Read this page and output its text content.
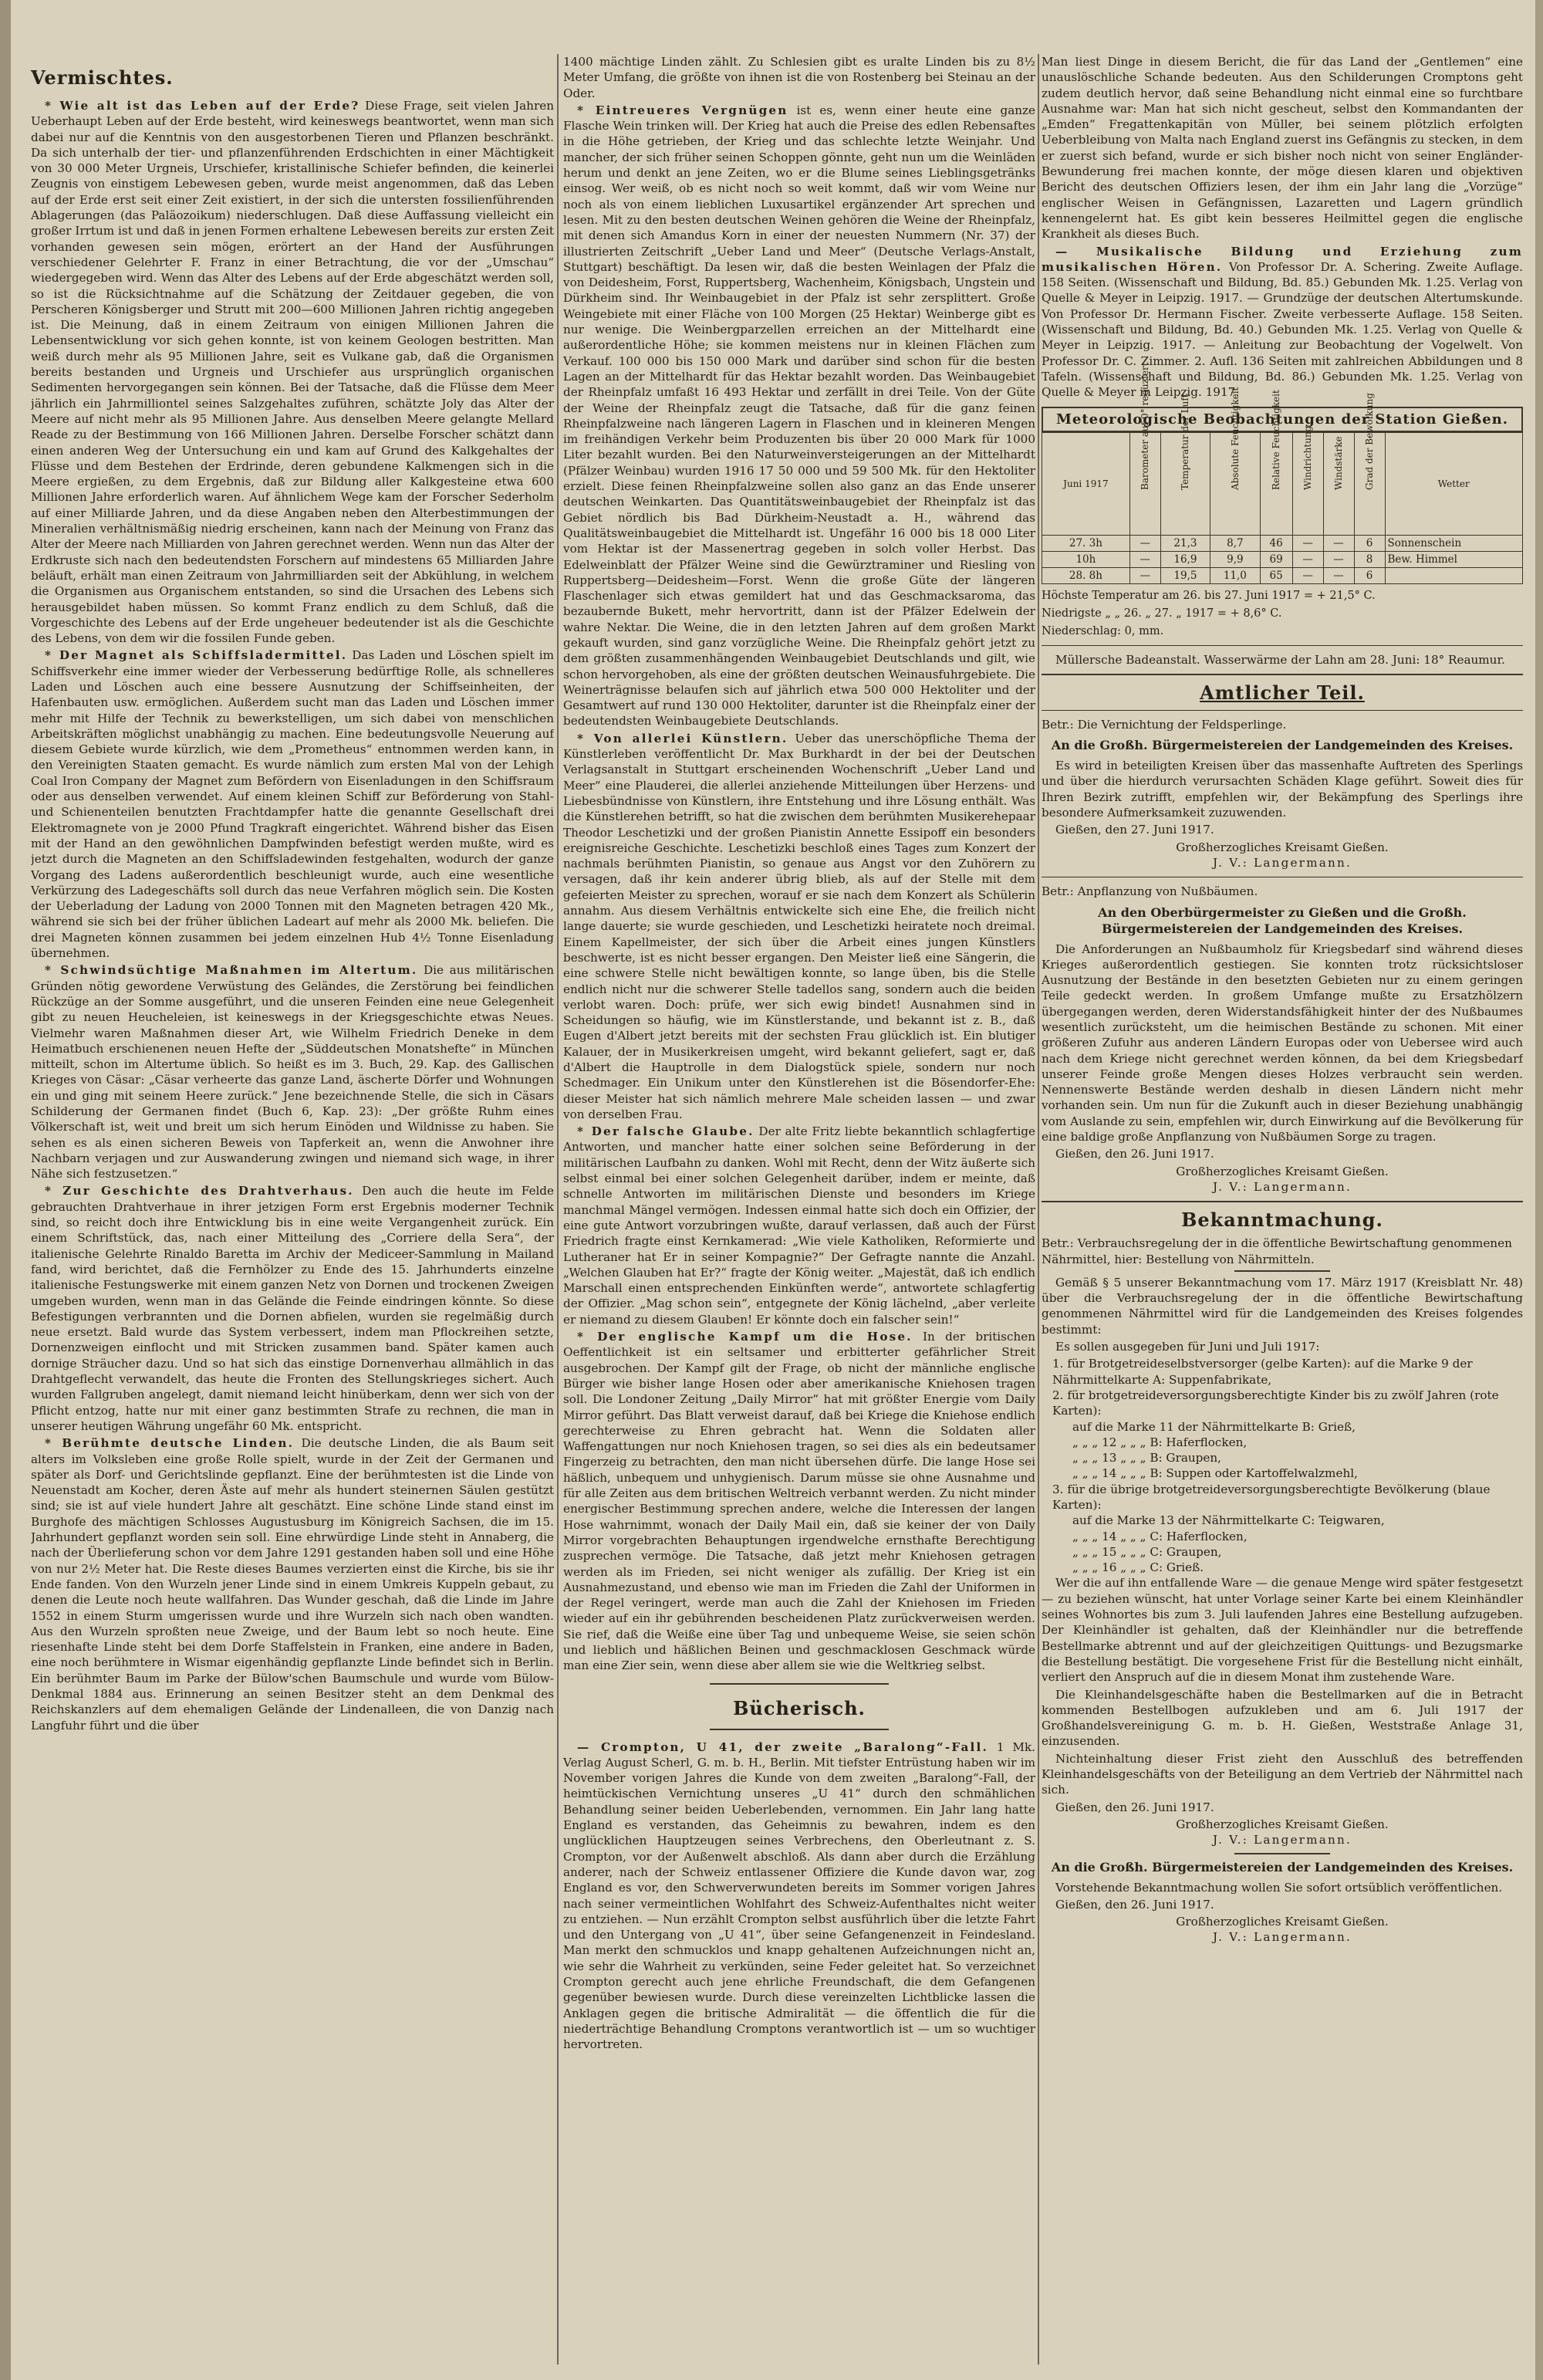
Vermischtes.

* Wie alt ist das Leben auf der Erde? Diese Frage, seit vielen Jahren Ueberhaupt Leben auf der Erde besteht, wird keineswegs beantwortet, wenn man sich dabei nur auf die Kenntnis von den ausgestorbenen Tieren und Pflanzen beschränkt. Da sich unterhalb der tier- und pflanzenführenden Erdschichten in einer Mächtigkeit von 30 000 Meter Urgneis, Urschiefer, kristallinische Schiefer befinden, die keinerlei Zeugnis von einstigem Lebewesen geben, wurde meist angenommen, daß das Leben auf der Erde erst seit einer Zeit existiert, in der sich die untersten fossilienführenden Ablagerungen (das Paläozoikum) niederschlugen. Daß diese Auffassung vielleicht ein großer Irrtum ist und daß in jenen Formen erhaltene Lebewesen bereits zur ersten Zeit vorhanden gewesen sein mögen, erörtert an der Hand der Ausführungen verschiedener Gelehrter F. Franz in einer Betrachtung, die vor der „Umschau“ wiedergegeben wird. Wenn das Alter des Lebens auf der Erde abgeschätzt werden soll, so ist die Rücksichtnahme auf die Schätzung der Zeitdauer gegeben, die von Perscheren Königsberger und Strutt mit 200—600 Millionen Jahren richtig angegeben ist. Die Meinung, daß in einem Zeitraum von einigen Millionen Jahren die Lebensentwicklung vor sich gehen konnte, ist von keinem Geologen bestritten. Man weiß durch mehr als 95 Millionen Jahre, seit es Vulkane gab, daß die Organismen bereits bestanden und Urgneis und Urschiefer aus ursprünglich organischen Sedimenten hervorgegangen sein können. Bei der Tatsache, daß die Flüsse dem Meer jährlich ein Jahrmilliontel seines Salzgehaltes zuführen, schätzte Joly das Alter der Meere auf nicht mehr als 95 Millionen Jahre. Aus denselben Meere gelangte Mellard Reade zu der Bestimmung von 166 Millionen Jahren. Derselbe Forscher schätzt dann einen anderen Weg der Untersuchung ein und kam auf Grund des Kalkgehaltes der Flüsse und dem Bestehen der Erdrinde, deren gebundene Kalkmengen sich in die Meere ergießen, zu dem Ergebnis, daß zur Bildung aller Kalkgesteine etwa 600 Millionen Jahre erforderlich waren. Auf ähnlichem Wege kam der Forscher Sederholm auf einer Milliarde Jahren, und da diese Angaben neben den Alterbestimmungen der Mineralien verhältnismäßig niedrig erscheinen, kann nach der Meinung von Franz das Alter der Meere nach Milliarden von Jahren gerechnet werden. Wenn nun das Alter der Erdkruste sich nach den bedeutendsten Forschern auf mindestens 65 Milliarden Jahre beläuft, erhält man einen Zeitraum von Jahrmilliarden seit der Abkühlung, in welchem die Organismen aus Organischem entstanden, so sind die Ursachen des Lebens sich herausgebildet haben müssen. So kommt Franz endlich zu dem Schluß, daß die Vorgeschichte des Lebens auf der Erde ungeheuer bedeutender ist als die Geschichte des Lebens, von dem wir die fossilen Funde geben.

* Der Magnet als Schiffsladermittel. Das Laden und Löschen spielt im Schiffsverkehr eine immer wieder der Verbesserung bedürftige Rolle, als schnelleres Laden und Löschen auch eine bessere Ausnutzung der Schiffseinheiten, der Hafenbauten usw. ermöglichen. Außerdem sucht man das Laden und Löschen immer mehr mit Hilfe der Technik zu bewerkstelligen, um sich dabei von menschlichen Arbeitskräften möglichst unabhängig zu machen. Eine bedeutungsvolle Neuerung auf diesem Gebiete wurde kürzlich, wie dem „Prometheus“ entnommen werden kann, in den Vereinigten Staaten gemacht. Es wurde nämlich zum ersten Mal von der Lehigh Coal Iron Company der Magnet zum Befördern von Eisenladungen in den Schiffsraum oder aus denselben verwendet. Auf einem kleinen Schiff zur Beförderung von Stahl- und Schienenteilen benutzten Frachtdampfer hatte die genannte Gesellschaft drei Elektromagnete von je 2000 Pfund Tragkraft eingerichtet. Während bisher das Eisen mit der Hand an den gewöhnlichen Dampfwinden befestigt werden mußte, wird es jetzt durch die Magneten an den Schiffsladewinden festgehalten, wodurch der ganze Vorgang des Ladens außerordentlich beschleunigt wurde, auch eine wesentliche Verkürzung des Ladegeschäfts soll durch das neue Verfahren möglich sein. Die Kosten der Ueberladung der Ladung von 2000 Tonnen mit den Magneten betragen 420 Mk., während sie sich bei der früher üblichen Ladeart auf mehr als 2000 Mk. beliefen. Die drei Magneten können zusammen bei jedem einzelnen Hub 4½ Tonne Eisenladung übernehmen.

* Schwindsüchtige Maßnahmen im Altertum. Die aus militärischen Gründen nötig gewordene Verwüstung des Geländes, die Zerstörung bei feindlichen Rückzüge an der Somme ausgeführt, und die unseren Feinden eine neue Gelegenheit gibt zu neuen Heucheleien, ist keineswegs in der Kriegsgeschichte etwas Neues. Vielmehr waren Maßnahmen dieser Art, wie Wilhelm Friedrich Deneke in dem Heimatbuch erschienenen neuen Hefte der „Süddeutschen Monatshefte“ in München mitteilt, schon im Altertume üblich. So heißt es im 3. Buch, 29. Kap. des Gallischen Krieges von Cäsar: „Cäsar verheerte das ganze Land, äscherte Dörfer und Wohnungen ein und ging mit seinem Heere zurück.“ Jene bezeichnende Stelle, die sich in Cäsars Schilderung der Germanen findet (Buch 6, Kap. 23): „Der größte Ruhm eines Völkerschaft ist, weit und breit um sich herum Einöden und Wildnisse zu haben. Sie sehen es als einen sicheren Beweis von Tapferkeit an, wenn die Anwohner ihre Nachbarn verjagen und zur Auswanderung zwingen und niemand sich wage, in ihrer Nähe sich festzusetzen.“

* Zur Geschichte des Drahtverhaus. Den auch die heute im Felde gebrauchten Drahtverhaue in ihrer jetzigen Form erst Ergebnis moderner Technik sind, so reicht doch ihre Entwicklung bis in eine weite Vergangenheit zurück. Ein einem Schriftstück, das, nach einer Mitteilung des „Corriere della Sera“, der italienische Gelehrte Rinaldo Baretta im Archiv der Mediceer-Sammlung in Mailand fand, wird berichtet, daß die Fernhölzer zu Ende des 15. Jahrhunderts einzelne italienische Festungswerke mit einem ganzen Netz von Dornen und trockenen Zweigen umgeben wurden, wenn man in das Gelände die Feinde eindringen könnte. So diese Befestigungen verbrannten und die Dornen abfielen, wurden sie regelmäßig durch neue ersetzt. Bald wurde das System verbessert, indem man Pflockreihen setzte, Dornenzweigen einflocht und mit Stricken zusammen band. Später kamen auch dornige Sträucher dazu. Und so hat sich das einstige Dornenverhau allmählich in das Drahtgeflecht verwandelt, das heute die Fronten des Stellungskrieges sichert. Auch wurden Fallgruben angelegt, damit niemand leicht hinüberkam, denn wer sich von der Pflicht entzog, hatte nur mit einer ganz bestimmten Strafe zu rechnen, die man in unserer heutigen Währung ungefähr 60 Mk. entspricht.

* Berühmte deutsche Linden. Die deutsche Linden, die als Baum seit alters im Volksleben eine große Rolle spielt, wurde in der Zeit der Germanen und später als Dorf- und Gerichtslinde gepflanzt. Eine der berühmtesten ist die Linde von Neuenstadt am Kocher, deren Äste auf mehr als hundert steinernen Säulen gestützt sind; sie ist auf viele hundert Jahre alt geschätzt. Eine schöne Linde stand einst im Burghofe des mächtigen Schlosses Augustusburg im Königreich Sachsen, die im 15. Jahrhundert gepflanzt worden sein soll. Eine ehrwürdige Linde steht in Annaberg, die nach der Überlieferung schon vor dem Jahre 1291 gestanden haben soll und eine Höhe von nur 2½ Meter hat. Die Reste dieses Baumes verzierten einst die Kirche, bis sie ihr Ende fanden. Von den Wurzeln jener Linde sind in einem Umkreis Kuppeln gebaut, zu denen die Leute noch heute wallfahren. Das Wunder geschah, daß die Linde im Jahre 1552 in einem Sturm umgerissen wurde und ihre Wurzeln sich nach oben wandten. Aus den Wurzeln sproßten neue Zweige, und der Baum lebt so noch heute. Eine riesenhafte Linde steht bei dem Dorfe Staffelstein in Franken, eine andere in Baden, eine noch berühmtere in Wismar eigenhändig gepflanzte Linde befindet sich in Berlin. Ein berühmter Baum im Parke der Bülow'schen Baumschule und wurde vom Bülow-Denkmal 1884 aus. Erinnerung an seinen Besitzer steht an dem Denkmal des Reichskanzlers auf dem ehemaligen Gelände der Lindenalleen, die von Danzig nach Langfuhr führt und die über

1400 mächtige Linden zählt. Zu Schlesien gibt es uralte Linden bis zu 8½ Meter Umfang, die größte von ihnen ist die von Rostenberg bei Steinau an der Oder.

* Eintreueres Vergnügen ist es, wenn einer heute eine ganze Flasche Wein trinken will. Der Krieg hat auch die Preise des edlen Rebensaftes in die Höhe getrieben, der Krieg und das schlechte letzte Weinjahr. Und mancher, der sich früher seinen Schoppen gönnte, geht nun um die Weinläden herum und denkt an jene Zeiten, wo er die Blume seines Lieblingsgetränks einsog. Wer weiß, ob es nicht noch so weit kommt, daß wir vom Weine nur noch als von einem lieblichen Luxusartikel ergänzender Art sprechen und lesen. Mit zu den besten deutschen Weinen gehören die Weine der Rheinpfalz, mit denen sich Amandus Korn in einer der neuesten Nummern (Nr. 37) der illustrierten Zeitschrift „Ueber Land und Meer“ (Deutsche Verlags-Anstalt, Stuttgart) beschäftigt. Da lesen wir, daß die besten Weinlagen der Pfalz die von Deidesheim, Forst, Ruppertsberg, Wachenheim, Königsbach, Ungstein und Dürkheim sind. Ihr Weinbaugebiet in der Pfalz ist sehr zersplittert. Große Weingebiete mit einer Fläche von 100 Morgen (25 Hektar) Weinberge gibt es nur wenige. Die Weinbergparzellen erreichen an der Mittelhardt eine außerordentliche Höhe; sie kommen meistens nur in kleinen Flächen zum Verkauf. 100 000 bis 150 000 Mark und darüber sind schon für die besten Lagen an der Mittelhardt für das Hektar bezahlt worden. Das Weinbaugebiet der Rheinpfalz umfaßt 16 493 Hektar und zerfällt in drei Teile. Von der Güte der Weine der Rheinpfalz zeugt die Tatsache, daß für die ganz feinen Rheinpfalzweine nach längeren Lagern in Flaschen und in kleineren Mengen im freihändigen Verkehr beim Produzenten bis über 20 000 Mark für 1000 Liter bezahlt wurden. Bei den Naturweinversteigerungen an der Mittelhardt (Pfälzer Weinbau) wurden 1916 17 50 000 und 59 500 Mk. für den Hektoliter erzielt. Diese feinen Rheinpfalzweine sollen also ganz an das Ende unserer deutschen Weinkarten. Das Quantitätsweinbaugebiet der Rheinpfalz ist das Gebiet nördlich bis Bad Dürkheim-Neustadt a. H., während das Qualitätsweinbaugebiet die Mittelhardt ist. Ungefähr 16 000 bis 18 000 Liter vom Hektar ist der Massenertrag gegeben in solch voller Herbst. Das Edelweinblatt der Pfälzer Weine sind die Gewürztraminer und Riesling von Ruppertsberg—Deidesheim—Forst. Wenn die große Güte der längeren Flaschenlager sich etwas gemildert hat und das Geschmacksaroma, das bezaubernde Bukett, mehr hervortritt, dann ist der Pfälzer Edelwein der wahre Nektar. Die Weine, die in den letzten Jahren auf dem großen Markt gekauft wurden, sind ganz vorzügliche Weine. Die Rheinpfalz gehört jetzt zu dem größten zusammenhängenden Weinbaugebiet Deutschlands und gilt, wie schon hervorgehoben, als eine der größten deutschen Weinausfuhrgebiete. Die Weinerträgnisse belaufen sich auf jährlich etwa 500 000 Hektoliter und der Gesamtwert auf rund 130 000 Hektoliter, darunter ist die Rheinpfalz einer der bedeutendsten Weinbaugebiete Deutschlands.

* Von allerlei Künstlern. Ueber das unerschöpfliche Thema der Künstlerleben veröffentlicht Dr. Max Burkhardt in der bei der Deutschen Verlagsanstalt in Stuttgart erscheinenden Wochenschrift „Ueber Land und Meer“ eine Plauderei, die allerlei anziehende Mitteilungen über Herzens- und Liebesbündnisse von Künstlern, ihre Entstehung und ihre Lösung enthält. Was die Künstlerehen betrifft, so hat die zwischen dem berühmten Musikerehepaar Theodor Leschetizki und der großen Pianistin Annette Essipoff ein besonders ereignisreiche Geschichte. Leschetizki beschloß eines Tages zum Konzert der nachmals berühmten Pianistin, so genaue aus Angst vor den Zuhörern zu versagen, daß ihr kein anderer übrig blieb, als auf der Stelle mit dem gefeierten Meister zu sprechen, worauf er sie nach dem Konzert als Schülerin annahm. Aus diesem Verhältnis entwickelte sich eine Ehe, die freilich nicht lange dauerte; sie wurde geschieden, und Leschetizki heiratete noch dreimal. Einem Kapellmeister, der sich über die Arbeit eines jungen Künstlers beschwerte, ist es nicht besser ergangen. Den Meister ließ eine Sängerin, die eine schwere Stelle nicht bewältigen konnte, so lange üben, bis die Stelle endlich nicht nur die schwerer Stelle tadellos sang, sondern auch die beiden verlobt waren. Doch: prüfe, wer sich ewig bindet! Ausnahmen sind in Scheidungen so häufig, wie im Künstlerstande, und bekannt ist z. B., daß Eugen d'Albert jetzt bereits mit der sechsten Frau glücklich ist. Ein blutiger Kalauer, der in Musikerkreisen umgeht, wird bekannt geliefert, sagt er, daß d'Albert die Hauptrolle in dem Dialogstück spiele, sondern nur noch Schedmager. Ein Unikum unter den Künstlerehen ist die Bösendorfer-Ehe: dieser Meister hat sich nämlich mehrere Male scheiden lassen — und zwar von derselben Frau.

* Der falsche Glaube. Der alte Fritz liebte bekanntlich schlagfertige Antworten, und mancher hatte einer solchen seine Beförderung in der militärischen Laufbahn zu danken. Wohl mit Recht, denn der Witz äußerte sich selbst einmal bei einer solchen Gelegenheit darüber, indem er meinte, daß schnelle Antworten im militärischen Dienste und besonders im Kriege manchmal Mängel vermögen. Indessen einmal hatte sich doch ein Offizier, der eine gute Antwort vorzubringen wußte, darauf verlassen, daß auch der Fürst Friedrich fragte einst Kernkamerad: „Wie viele Katholiken, Reformierte und Lutheraner hat Er in seiner Kompagnie?“ Der Gefragte nannte die Anzahl. „Welchen Glauben hat Er?“ fragte der König weiter. „Majestät, daß ich endlich Marschall einen entsprechenden Einkünften werde“, antwortete schlagfertig der Offizier. „Mag schon sein“, entgegnete der König lächelnd, „aber verleite er niemand zu diesem Glauben! Er könnte doch ein falscher sein!“

* Der englische Kampf um die Hose. In der britischen Oeffentlichkeit ist ein seltsamer und erbitterter gefährlicher Streit ausgebrochen. Der Kampf gilt der Frage, ob nicht der männliche englische Bürger wie bisher lange Hosen oder aber amerikanische Kniehosen tragen soll. Die Londoner Zeitung „Daily Mirror“ hat mit größter Energie vom Daily Mirror geführt. Das Blatt verweist darauf, daß bei Kriege die Kniehose endlich gerechterweise zu Ehren gebracht hat. Wenn die Soldaten aller Waffengattungen nur noch Kniehosen tragen, so sei dies als ein bedeutsamer Fingerzeig zu betrachten, den man nicht übersehen dürfe. Die lange Hose sei häßlich, unbequem und unhygienisch. Darum müsse sie ohne Ausnahme und für alle Zeiten aus dem britischen Weltreich verbannt werden. Zu nicht minder energischer Bestimmung sprechen andere, welche die Interessen der langen Hose wahrnimmt, wonach der Daily Mail ein, daß sie keiner der von Daily Mirror vorgebrachten Behauptungen irgendwelche ernsthafte Berechtigung zusprechen vermöge. Die Tatsache, daß jetzt mehr Kniehosen getragen werden als im Frieden, sei nicht weniger als zufällig. Der Krieg ist ein Ausnahmezustand, und ebenso wie man im Frieden die Zahl der Uniformen in der Regel veringert, werde man auch die Zahl der Kniehosen im Frieden wieder auf ein ihr gebührenden bescheidenen Platz zurückverweisen werden. Sie rief, daß die Weiße eine über Tag und unbequeme Weise, sie seien schön und lieblich und häßlichen Beinen und geschmacklosen Geschmack würde man eine Zier sein, wenn diese aber allem sie wie die Weltkrieg selbst.

Bücherisch.

— Crompton, U 41, der zweite „Baralong“-Fall. 1 Mk. Verlag August Scherl, G. m. b. H., Berlin. Mit tiefster Entrüstung haben wir im November vorigen Jahres die Kunde von dem zweiten „Baralong“-Fall, der heimtückischen Vernichtung unseres „U 41“ durch den schmählichen Behandlung seiner beiden Ueberlebenden, vernommen. Ein Jahr lang hatte England es verstanden, das Geheimnis zu bewahren, indem es den unglücklichen Hauptzeugen seines Verbrechens, den Oberleutnant z. S. Crompton, vor der Außenwelt abschloß. Als dann aber durch die Erzählung anderer, nach der Schweiz entlassener Offiziere die Kunde davon war, zog England es vor, den Schwerverwundeten bereits im Sommer vorigen Jahres nach seiner vermeintlichen Wohlfahrt des Schweiz-Aufenthaltes nicht weiter zu entziehen. — Nun erzählt Crompton selbst ausführlich über die letzte Fahrt und den Untergang von „U 41“, über seine Gefangenenzeit in Feindesland. Man merkt den schmucklos und knapp gehaltenen Aufzeichnungen nicht an, wie sehr die Wahrheit zu verkünden, seine Feder geleitet hat. So verzeichnet Crompton gerecht auch jene ehrliche Freundschaft, die dem Gefangenen gegenüber bewiesen wurde. Durch diese vereinzelten Lichtblicke lassen die Anklagen gegen die britische Admiralität — die öffentlich die für die niederträchtige Behandlung Cromptons verantwortlich ist — um so wuchtiger hervortreten.

Man liest Dinge in diesem Bericht, die für das Land der „Gentlemen“ eine unauslöschliche Schande bedeuten. Aus den Schilderungen Cromptons geht zudem deutlich hervor, daß seine Behandlung nicht einmal eine so furchtbare Ausnahme war: Man hat sich nicht gescheut, selbst den Kommandanten der „Emden“ Fregattenkapitän von Müller, bei seinem plötzlich erfolgten Ueberbleibung von Malta nach England zuerst ins Gefängnis zu stecken, in dem er zuerst sich befand, wurde er sich bisher noch nicht von seiner Engländer-Bewunderung frei machen konnte, der möge diesen klaren und objektiven Bericht des deutschen Offiziers lesen, der ihm ein Jahr lang die „Vorzüge“ englischer Weisen in Gefängnissen, Lazaretten und Lagern gründlich kennengelernt hat. Es gibt kein besseres Heilmittel gegen die englische Krankheit als dieses Buch.

— Musikalische Bildung und Erziehung zum musikalischen Hören. Von Professor Dr. A. Schering. Zweite Auflage. 158 Seiten. (Wissenschaft und Bildung, Bd. 85.) Gebunden Mk. 1.25. Verlag von Quelle & Meyer in Leipzig. 1917. — Grundzüge der deutschen Altertumskunde. Von Professor Dr. Hermann Fischer. Zweite verbesserte Auflage. 158 Seiten. (Wissenschaft und Bildung, Bd. 40.) Gebunden Mk. 1.25. Verlag von Quelle & Meyer in Leipzig. 1917. — Anleitung zur Beobachtung der Vogelwelt. Von Professor Dr. C. Zimmer. 2. Aufl. 136 Seiten mit zahlreichen Abbildungen und 8 Tafeln. (Wissenschaft und Bildung, Bd. 86.) Gebunden Mk. 1.25. Verlag von Quelle & Meyer in Leipzig. 1917.

Meteorologische Beobachtungen der Station Gießen.
Juni 1917	Barometer auf 0° reduziert	Temperatur der Luft	Absolute Feuchtigkeit	Relative Feuchtigkeit	Windrichtung	Windstärke	Grad der Bewölkung	Wetter
27. 3h	—	21,3	8,7	46	—	—	6	Sonnenschein
10h	—	16,9	9,9	69	—	—	8	Bew. Himmel
28. 8h	—	19,5	11,0	65	—	—	6	

Höchste Temperatur am 26. bis 27. Juni 1917 = + 21,5° C.

Niedrigste „ „ 26. „ 27. „ 1917 = + 8,6° C.

Niederschlag: 0, mm.

Müllersche Badeanstalt. Wasserwärme der Lahn am 28. Juni: 18° Reaumur.

Amtlicher Teil.

Betr.: Die Vernichtung der Feldsperlinge.

An die Großh. Bürgermeistereien der Landgemeinden des Kreises.

Es wird in beteiligten Kreisen über das massenhafte Auftreten des Sperlings und über die hierdurch verursachten Schäden Klage geführt. Soweit dies für Ihren Bezirk zutrifft, empfehlen wir, der Bekämpfung des Sperlings ihre besondere Aufmerksamkeit zuzuwenden.

Gießen, den 27. Juni 1917.

Großherzogliches Kreisamt Gießen.

J. V.: Langermann.

Betr.: Anpflanzung von Nußbäumen.

An den Oberbürgermeister zu Gießen und die Großh. Bürgermeistereien der Landgemeinden des Kreises.

Die Anforderungen an Nußbaumholz für Kriegsbedarf sind während dieses Krieges außerordentlich gestiegen. Sie konnten trotz rücksichtsloser Ausnutzung der Bestände in den besetzten Gebieten nur zu einem geringen Teile gedeckt werden. In großem Umfange mußte zu Ersatzhölzern übergegangen werden, deren Widerstandsfähigkeit hinter der des Nußbaumes wesentlich zurücksteht, um die heimischen Bestände zu schonen. Mit einer größeren Zufuhr aus anderen Ländern Europas oder von Uebersee wird auch nach dem Kriege nicht gerechnet werden können, da bei dem Kriegsbedarf unserer Feinde große Mengen dieses Holzes verbraucht sein werden. Nennenswerte Bestände werden deshalb in diesen Ländern nicht mehr vorhanden sein. Um nun für die Zukunft auch in dieser Beziehung unabhängig vom Auslande zu sein, empfehlen wir, durch Einwirkung auf die Bevölkerung für eine baldige große Anpflanzung von Nußbäumen Sorge zu tragen.

Gießen, den 26. Juni 1917.

Großherzogliches Kreisamt Gießen.

J. V.: Langermann.

Bekanntmachung.

Betr.: Verbrauchsregelung der in die öffentliche Bewirtschaftung genommenen Nährmittel, hier: Bestellung von Nährmitteln.

Gemäß § 5 unserer Bekanntmachung vom 17. März 1917 (Kreisblatt Nr. 48) über die Verbrauchsregelung der in die öffentliche Bewirtschaftung genommenen Nährmittel wird für die Landgemeinden des Kreises folgendes bestimmt:

Es sollen ausgegeben für Juni und Juli 1917:

1. für Brotgetreideselbstversorger (gelbe Karten): auf die Marke 9 der Nährmittelkarte A: Suppenfabrikate,

2. für brotgetreideversorgungsberechtigte Kinder bis zu zwölf Jahren (rote Karten):

auf die Marke 11 der Nährmittelkarte B: Grieß,

„ „ „ 12 „ „ „ B: Haferflocken,

„ „ „ 13 „ „ „ B: Graupen,

„ „ „ 14 „ „ „ B: Suppen oder Kartoffelwalzmehl,

3. für die übrige brotgetreideversorgungsberechtigte Bevölkerung (blaue Karten):

auf die Marke 13 der Nährmittelkarte C: Teigwaren,

„ „ „ 14 „ „ „ C: Haferflocken,

„ „ „ 15 „ „ „ C: Graupen,

„ „ „ 16 „ „ „ C: Grieß.

Wer die auf ihn entfallende Ware — die genaue Menge wird später festgesetzt — zu beziehen wünscht, hat unter Vorlage seiner Karte bei einem Kleinhändler seines Wohnortes bis zum 3. Juli laufenden Jahres eine Bestellung aufzugeben. Der Kleinhändler ist gehalten, daß der Kleinhändler nur die betreffende Bestellmarke abtrennt und auf der gleichzeitigen Quittungs- und Bezugsmarke die Bestellung bestätigt. Die vorgesehene Frist für die Bestellung nicht einhält, verliert den Anspruch auf die in diesem Monat ihm zustehende Ware.

Die Kleinhandelsgeschäfte haben die Bestellmarken auf die in Betracht kommenden Bestellbogen aufzukleben und am 6. Juli 1917 der Großhandelsvereinigung G. m. b. H. Gießen, Weststraße Anlage 31, einzusenden.

Nichteinhaltung dieser Frist zieht den Ausschluß des betreffenden Kleinhandelsgeschäfts von der Beteiligung an dem Vertrieb der Nährmittel nach sich.

Gießen, den 26. Juni 1917.

Großherzogliches Kreisamt Gießen.

J. V.: Langermann.

An die Großh. Bürgermeistereien der Landgemeinden des Kreises.

Vorstehende Bekanntmachung wollen Sie sofort ortsüblich veröffentlichen.

Gießen, den 26. Juni 1917.

Großherzogliches Kreisamt Gießen.

J. V.: Langermann.
